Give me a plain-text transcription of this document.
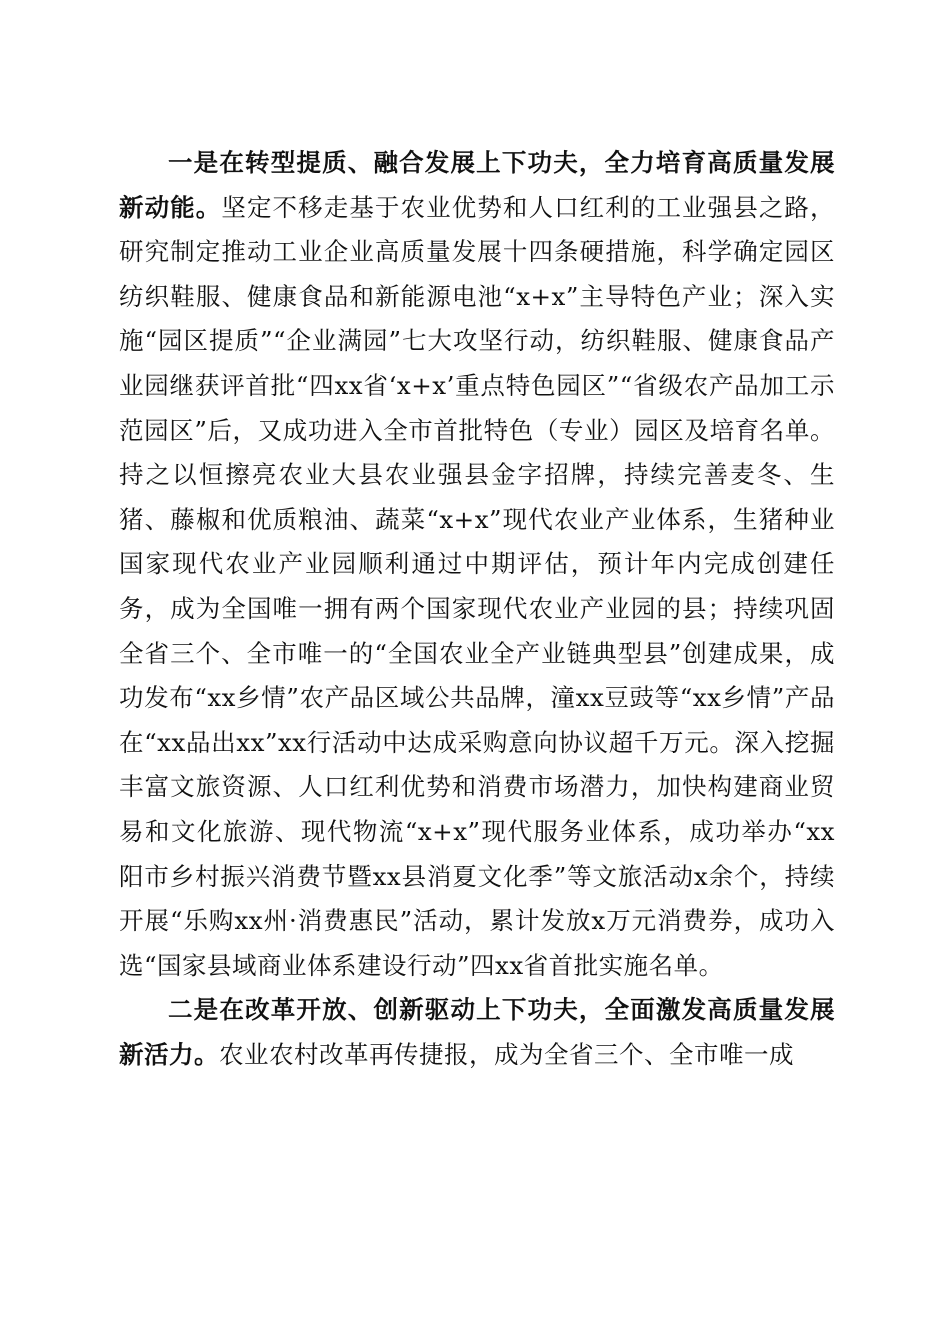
一是在转型提质、融合发展上下功夫，全力培育高质量发展新动能。坚定不移走基于农业优势和人口红利的工业强县之路，研究制定推动工业企业高质量发展十四条硬措施，科学确定园区纺织鞋服、健康食品和新能源电池“x+x”主导特色产业；深入实施“园区提质”“企业满园”七大攻坚行动，纺织鞋服、健康食品产业园继获评首批“四xx省‘x+x’重点特色园区”“省级农产品加工示范园区”后，又成功进入全市首批特色（专业）园区及培育名单。持之以恒擦亮农业大县农业强县金字招牌，持续完善麦冬、生猪、藤椒和优质粮油、蔬菜“x+x”现代农业产业体系，生猪种业国家现代农业产业园顺利通过中期评估，预计年内完成创建任务，成为全国唯一拥有两个国家现代农业产业园的县；持续巩固全省三个、全市唯一的“全国农业全产业链典型县”创建成果，成功发布“xx乡情”农产品区域公共品牌，潼xx豆豉等“xx乡情”产品在“xx品出xx”xx行活动中达成采购意向协议超千万元。深入挖掘丰富文旅资源、人口红利优势和消费市场潜力，加快构建商业贸易和文化旅游、现代物流“x+x”现代服务业体系，成功举办“xx阳市乡村振兴消费节暨xx县消夏文化季”等文旅活动x余个，持续开展“乐购xx州·消费惠民”活动，累计发放x万元消费券，成功入选“国家县域商业体系建设行动”四xx省首批实施名单。

二是在改革开放、创新驱动上下功夫，全面激发高质量发展新活力。农业农村改革再传捷报，成为全省三个、全市唯一成
